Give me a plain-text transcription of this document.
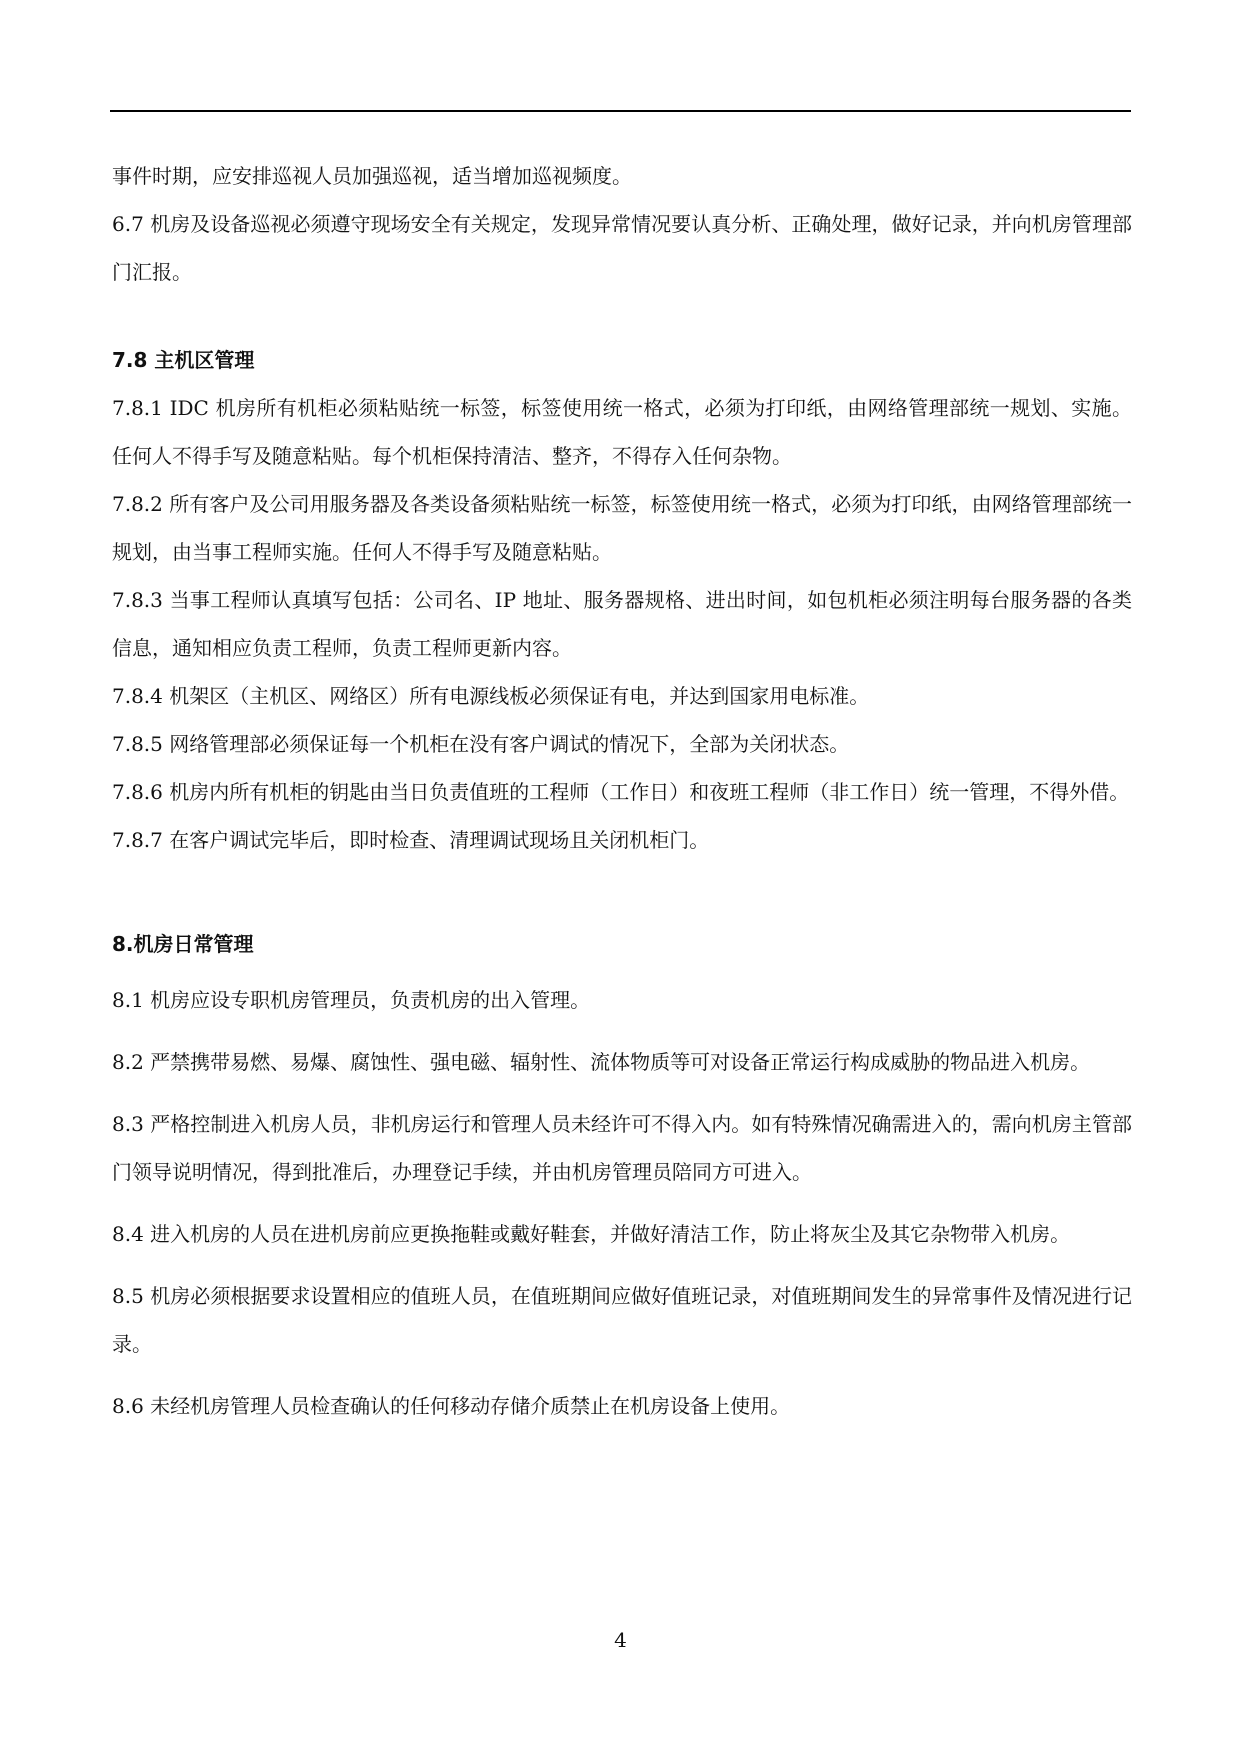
事件时期，应安排巡视人员加强巡视，适当增加巡视频度。

6.7 机房及设备巡视必须遵守现场安全有关规定，发现异常情况要认真分析、正确处理，做好记录，并向机房管理部门汇报。

7.8 主机区管理

7.8.1 IDC 机房所有机柜必须粘贴统一标签，标签使用统一格式，必须为打印纸，由网络管理部统一规划、实施。任何人不得手写及随意粘贴。每个机柜保持清洁、整齐，不得存入任何杂物。

7.8.2 所有客户及公司用服务器及各类设备须粘贴统一标签，标签使用统一格式，必须为打印纸，由网络管理部统一规划，由当事工程师实施。任何人不得手写及随意粘贴。

7.8.3 当事工程师认真填写包括：公司名、IP 地址、服务器规格、进出时间，如包机柜必须注明每台服务器的各类信息，通知相应负责工程师，负责工程师更新内容。

7.8.4 机架区（主机区、网络区）所有电源线板必须保证有电，并达到国家用电标准。

7.8.5 网络管理部必须保证每一个机柜在没有客户调试的情况下，全部为关闭状态。

7.8.6 机房内所有机柜的钥匙由当日负责值班的工程师（工作日）和夜班工程师（非工作日）统一管理，不得外借。

7.8.7 在客户调试完毕后，即时检查、清理调试现场且关闭机柜门。

8.机房日常管理

8.1 机房应设专职机房管理员，负责机房的出入管理。

8.2 严禁携带易燃、易爆、腐蚀性、强电磁、辐射性、流体物质等可对设备正常运行构成威胁的物品进入机房。

8.3 严格控制进入机房人员，非机房运行和管理人员未经许可不得入内。如有特殊情况确需进入的，需向机房主管部门领导说明情况，得到批准后，办理登记手续，并由机房管理员陪同方可进入。

8.4 进入机房的人员在进机房前应更换拖鞋或戴好鞋套，并做好清洁工作，防止将灰尘及其它杂物带入机房。

8.5 机房必须根据要求设置相应的值班人员，在值班期间应做好值班记录，对值班期间发生的异常事件及情况进行记录。

8.6 未经机房管理人员检查确认的任何移动存储介质禁止在机房设备上使用。

4
